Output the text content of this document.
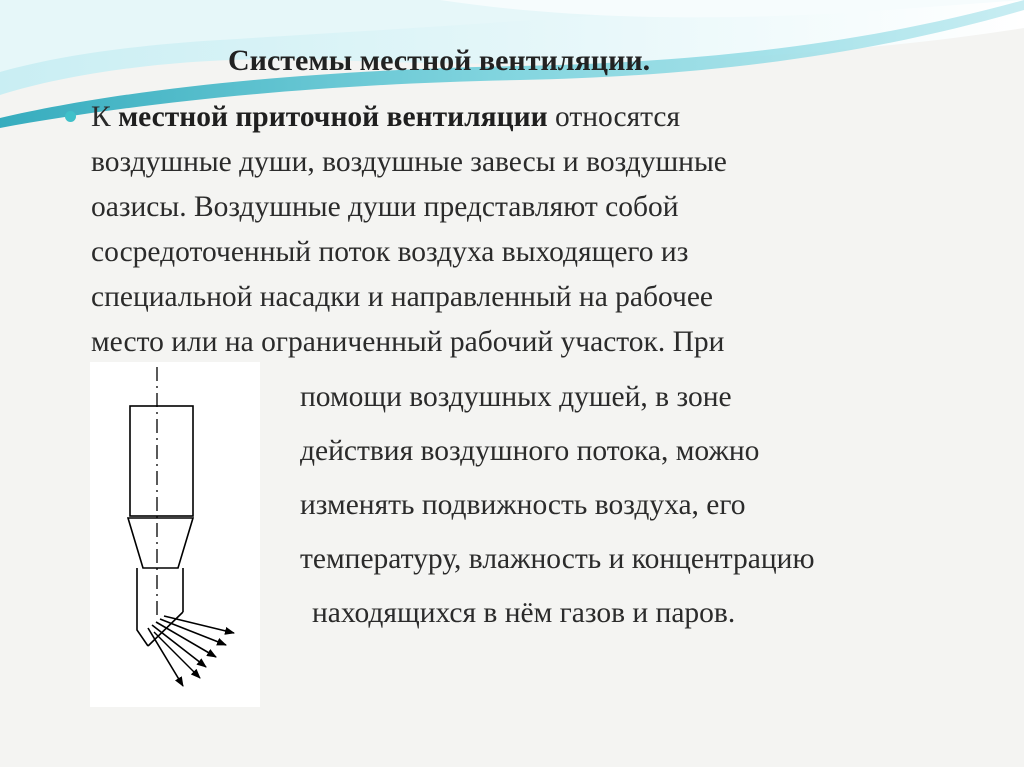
Системы местной вентиляции.
К местной приточной вентиляции относятся
воздушные души, воздушные завесы и воздушные
оазисы. Воздушные души представляют собой
сосредоточенный поток воздуха выходящего из
специальной насадки и направленный на рабочее
место или на ограниченный рабочий участок. При
помощи воздушных душей, в зоне
действия воздушного потока, можно
изменять подвижность воздуха, его
температуру, влажность и концентрацию
находящихся в нём газов и паров.
